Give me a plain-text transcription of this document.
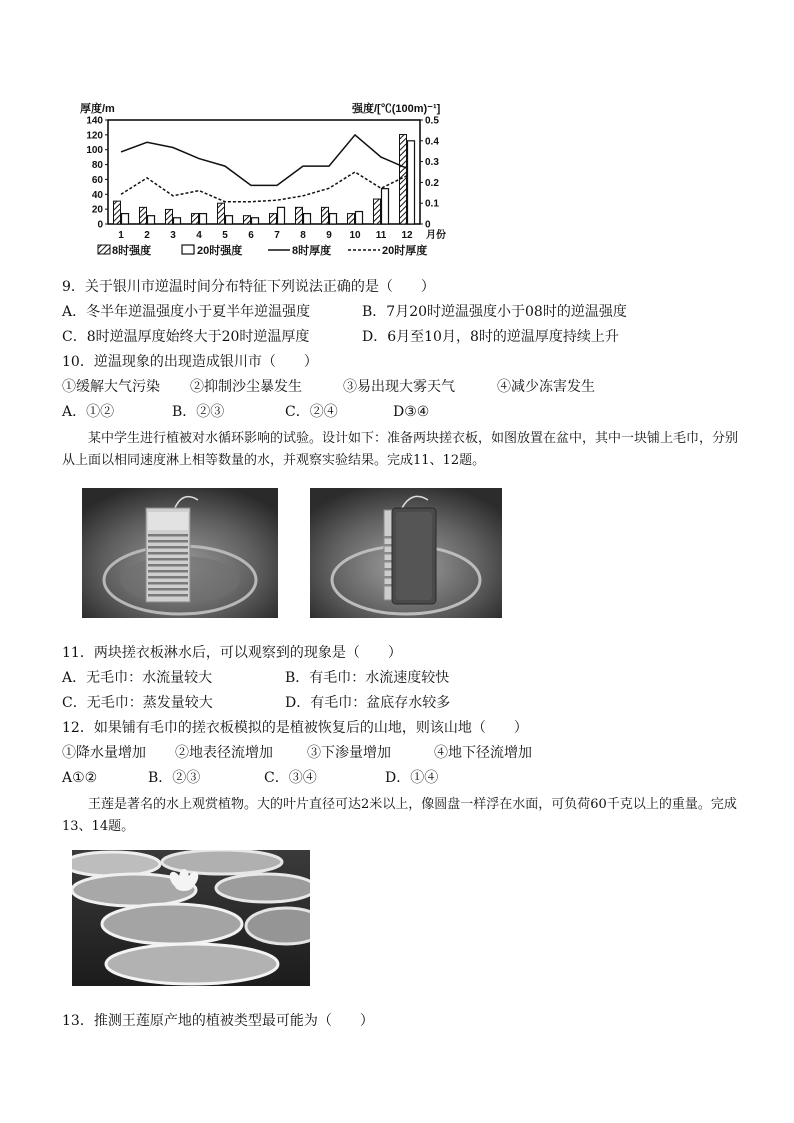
厚度/m	强度/[℃(100m)⁻¹]
0
20
40
60
80
100
120
140
0
0.1
0.2
0.3
0.4
0.5
1 2 3 4 5 6 7 8 9 10 11 12 月份
8时强度	20时强度	8时厚度	20时厚度
9．关于银川市逆温时间分布特征下列说法正确的是（　　）
A．冬半年逆温强度小于夏半年逆温强度	B．7月20时逆温强度小于08时的逆温强度
C．8时逆温厚度始终大于20时逆温厚度	D．6月至10月，8时的逆温厚度持续上升
10．逆温现象的出现造成银川市（　　）
①缓解大气污染 ②抑制沙尘暴发生	③易出现大雾天气	④减少冻害发生
A．①②	B．②③	C．②④	D③④
某中学生进行植被对水循环影响的试验。设计如下：准备两块搓衣板，如图放置在盆中，其中一块铺上毛巾，分别从上面以相同速度淋上相等数量的水，并观察实验结果。完成11、12题。
11．两块搓衣板淋水后，可以观察到的现象是（　　）
A．无毛巾：水流量较大	B．有毛巾：水流速度较快
C．无毛巾：蒸发量较大	D．有毛巾：盆底存水较多
12．如果铺有毛巾的搓衣板模拟的是植被恢复后的山地，则该山地（　　）
①降水量增加 ②地表径流增加 ③下渗量增加	④地下径流增加
A①②	B．②③	C．③④	D．①④
王莲是著名的水上观赏植物。大的叶片直径可达2米以上，像圆盘一样浮在水面，可负荷60千克以上的重量。完成13、14题。
13．推测王莲原产地的植被类型最可能为（　　）
